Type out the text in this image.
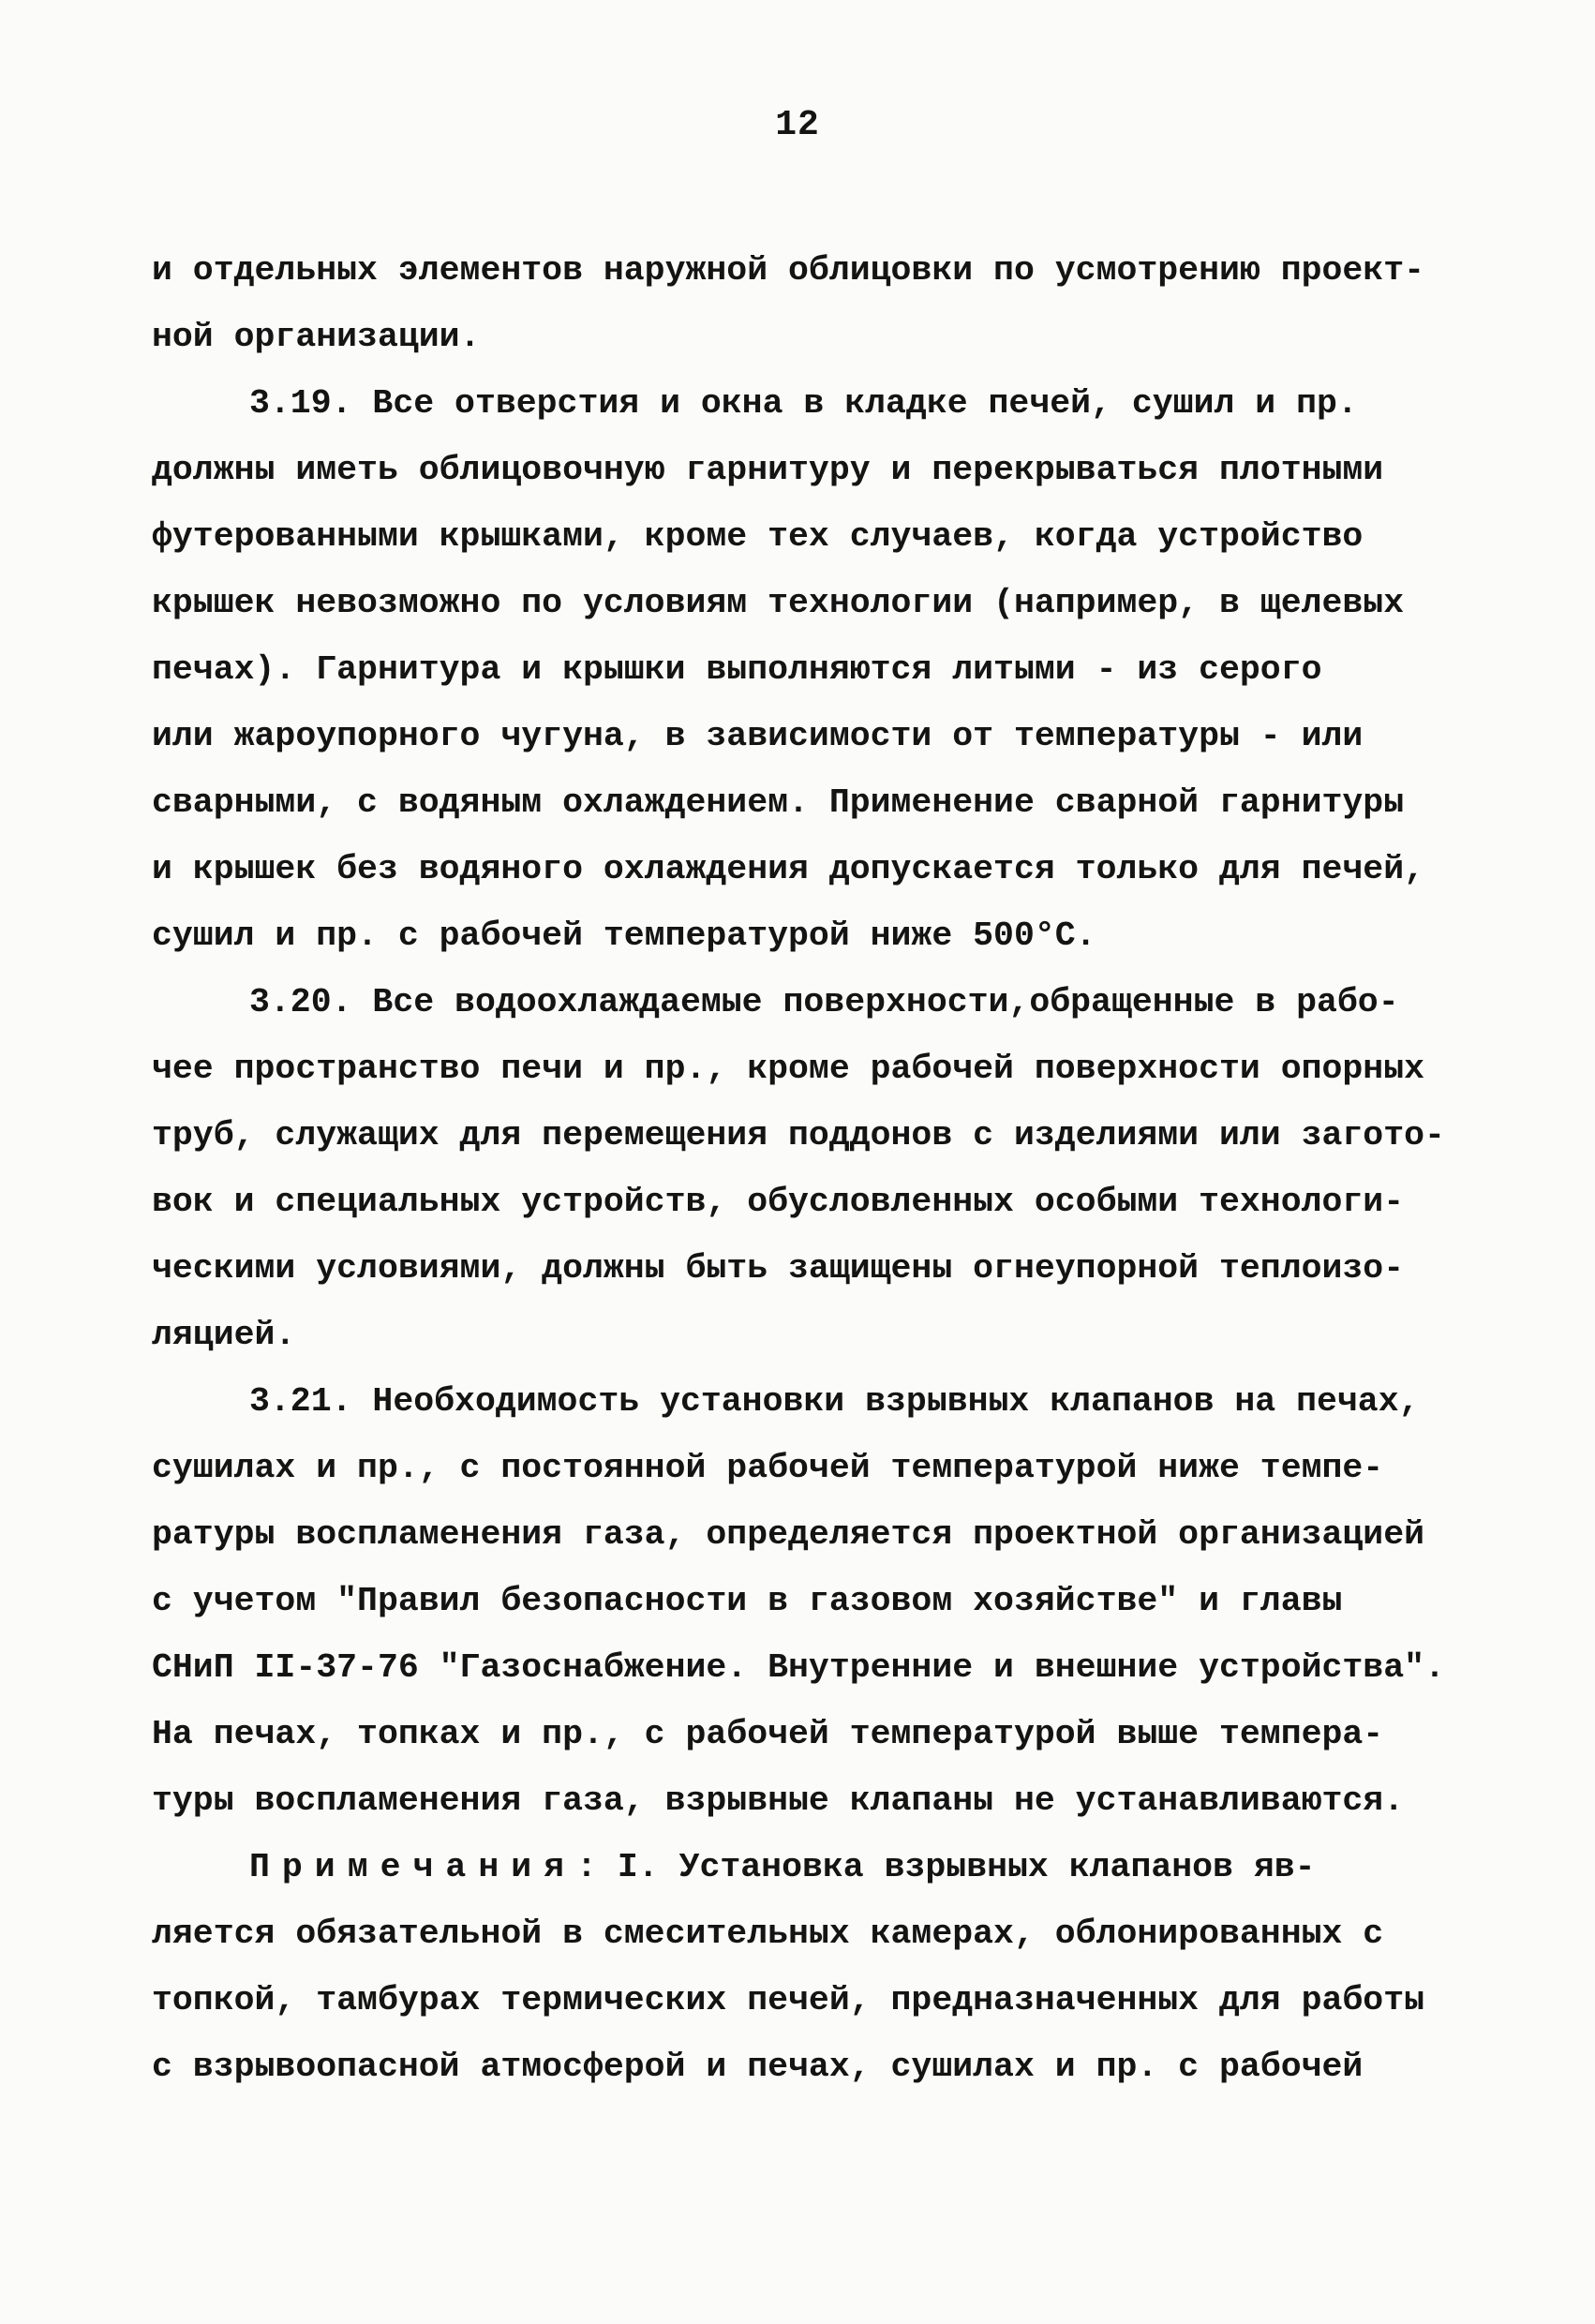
12
и отдельных элементов наружной облицовки по усмотрению проект-
ной организации.
3.19. Все отверстия и окна в кладке печей, сушил и пр.
должны иметь облицовочную гарнитуру и перекрываться плотными
футерованными крышками, кроме тех случаев, когда устройство
крышек невозможно по условиям технологии (например, в щелевых
печах). Гарнитура и крышки выполняются литыми - из серого
или жароупорного чугуна, в зависимости от температуры - или
сварными, с водяным охлаждением. Применение сварной гарнитуры
и крышек без водяного охлаждения допускается только для печей,
сушил и пр. с рабочей температурой ниже 500°С.
3.20. Все водоохлаждаемые поверхности,обращенные в рабо-
чее пространство печи и пр., кроме рабочей поверхности опорных
труб, служащих для перемещения поддонов с изделиями или загото-
вок и специальных устройств, обусловленных особыми технологи-
ческими условиями, должны быть защищены огнеупорной теплоизо-
ляцией.
3.21. Необходимость установки взрывных клапанов на печах,
сушилах и пр., с постоянной рабочей температурой ниже темпе-
ратуры воспламенения газа, определяется проектной организацией
с учетом "Правил безопасности в газовом хозяйстве" и главы
СНиП II-37-76 "Газоснабжение. Внутренние и внешние устройства".
На печах, топках и пр., с рабочей температурой выше темпера-
туры воспламенения газа, взрывные клапаны не устанавливаются.
Примечания: I. Установка взрывных клапанов яв-
ляется обязательной в смесительных камерах, облонированных с
топкой, тамбурах термических печей, предназначенных для работы
с взрывоопасной атмосферой и печах, сушилах и пр. с рабочей
